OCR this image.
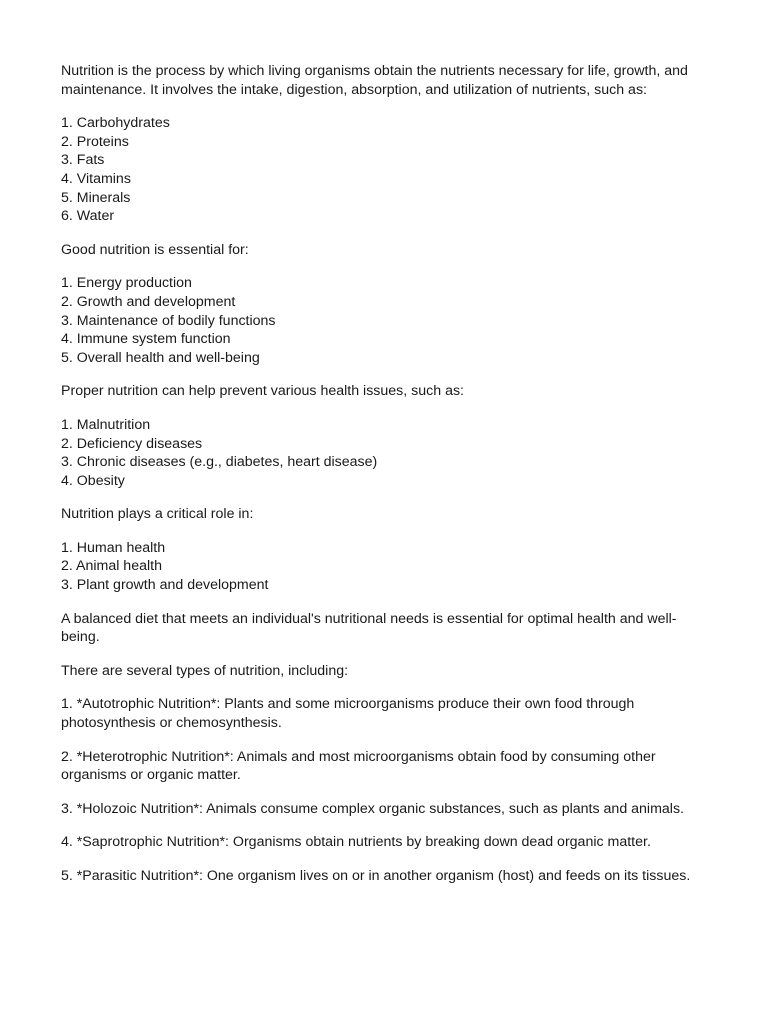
Nutrition is the process by which living organisms obtain the nutrients necessary for life, growth, and maintenance. It involves the intake, digestion, absorption, and utilization of nutrients, such as:

1. Carbohydrates
2. Proteins
3. Fats
4. Vitamins
5. Minerals
6. Water

Good nutrition is essential for:

1. Energy production
2. Growth and development
3. Maintenance of bodily functions
4. Immune system function
5. Overall health and well-being

Proper nutrition can help prevent various health issues, such as:

1. Malnutrition
2. Deficiency diseases
3. Chronic diseases (e.g., diabetes, heart disease)
4. Obesity

Nutrition plays a critical role in:

1. Human health
2. Animal health
3. Plant growth and development

A balanced diet that meets an individual's nutritional needs is essential for optimal health and well-being.

There are several types of nutrition, including:

1. *Autotrophic Nutrition*: Plants and some microorganisms produce their own food through photosynthesis or chemosynthesis.

2. *Heterotrophic Nutrition*: Animals and most microorganisms obtain food by consuming other organisms or organic matter.

3. *Holozoic Nutrition*: Animals consume complex organic substances, such as plants and animals.

4. *Saprotrophic Nutrition*: Organisms obtain nutrients by breaking down dead organic matter.

5. *Parasitic Nutrition*: One organism lives on or in another organism (host) and feeds on its tissues.
